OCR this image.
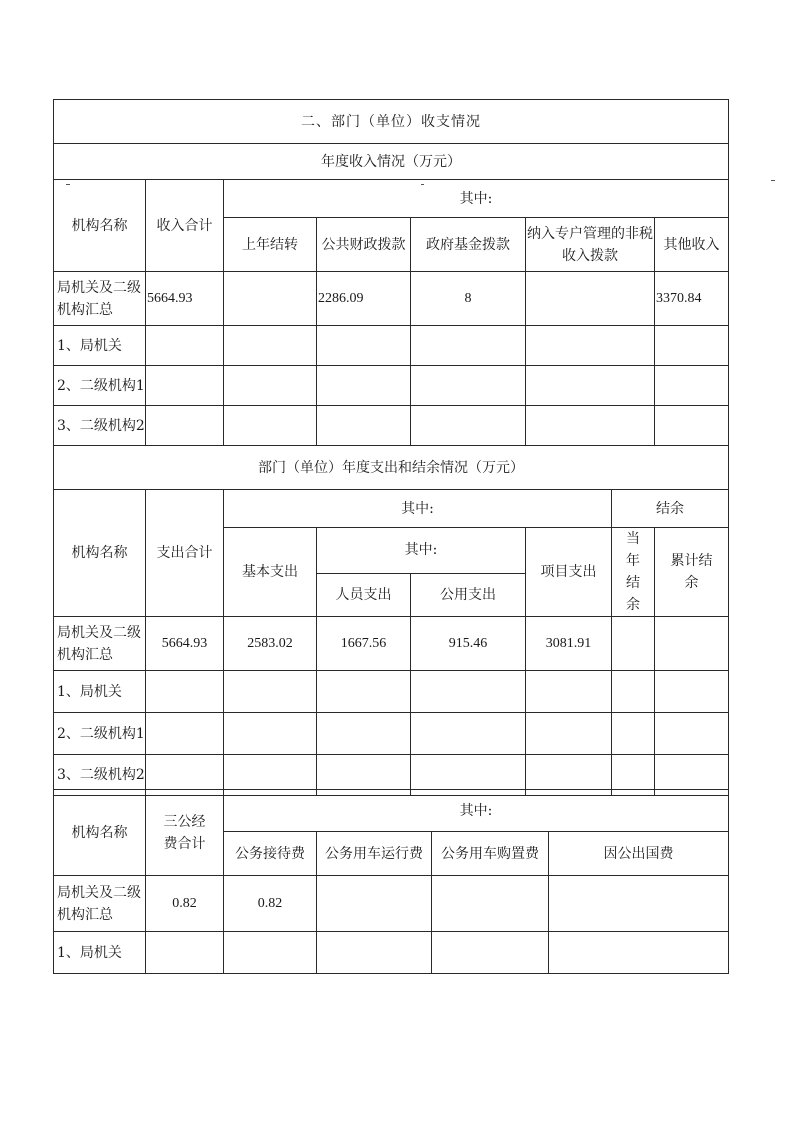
二、部门（单位）收支情况							
年度收入情况（万元）							
机构名称	收入合计	其中:					
		上年结转	公共财政拨款	政府基金拨款	纳入专户管理的非税收入拨款		其他收入
局机关及二级机构汇总	5664.93		2286.09	8			3370.84
1、局机关							
2、二级机构1							
3、二级机构2							
部门（单位）年度支出和结余情况（万元）							
机构名称	支出合计	其中:				结余	
		基本支出	其中:		项目支出	当年结余	累计结余
			人员支出	公用支出			
局机关及二级机构汇总	5664.93	2583.02	1667.56	915.46	3081.91		
1、局机关							
2、二级机构1							
3、二级机构2							
机构名称	三公经费合计	其中:			
		公务接待费	公务用车运行费	公务用车购置费	因公出国费
局机关及二级机构汇总	0.82	0.82			
1、局机关					
